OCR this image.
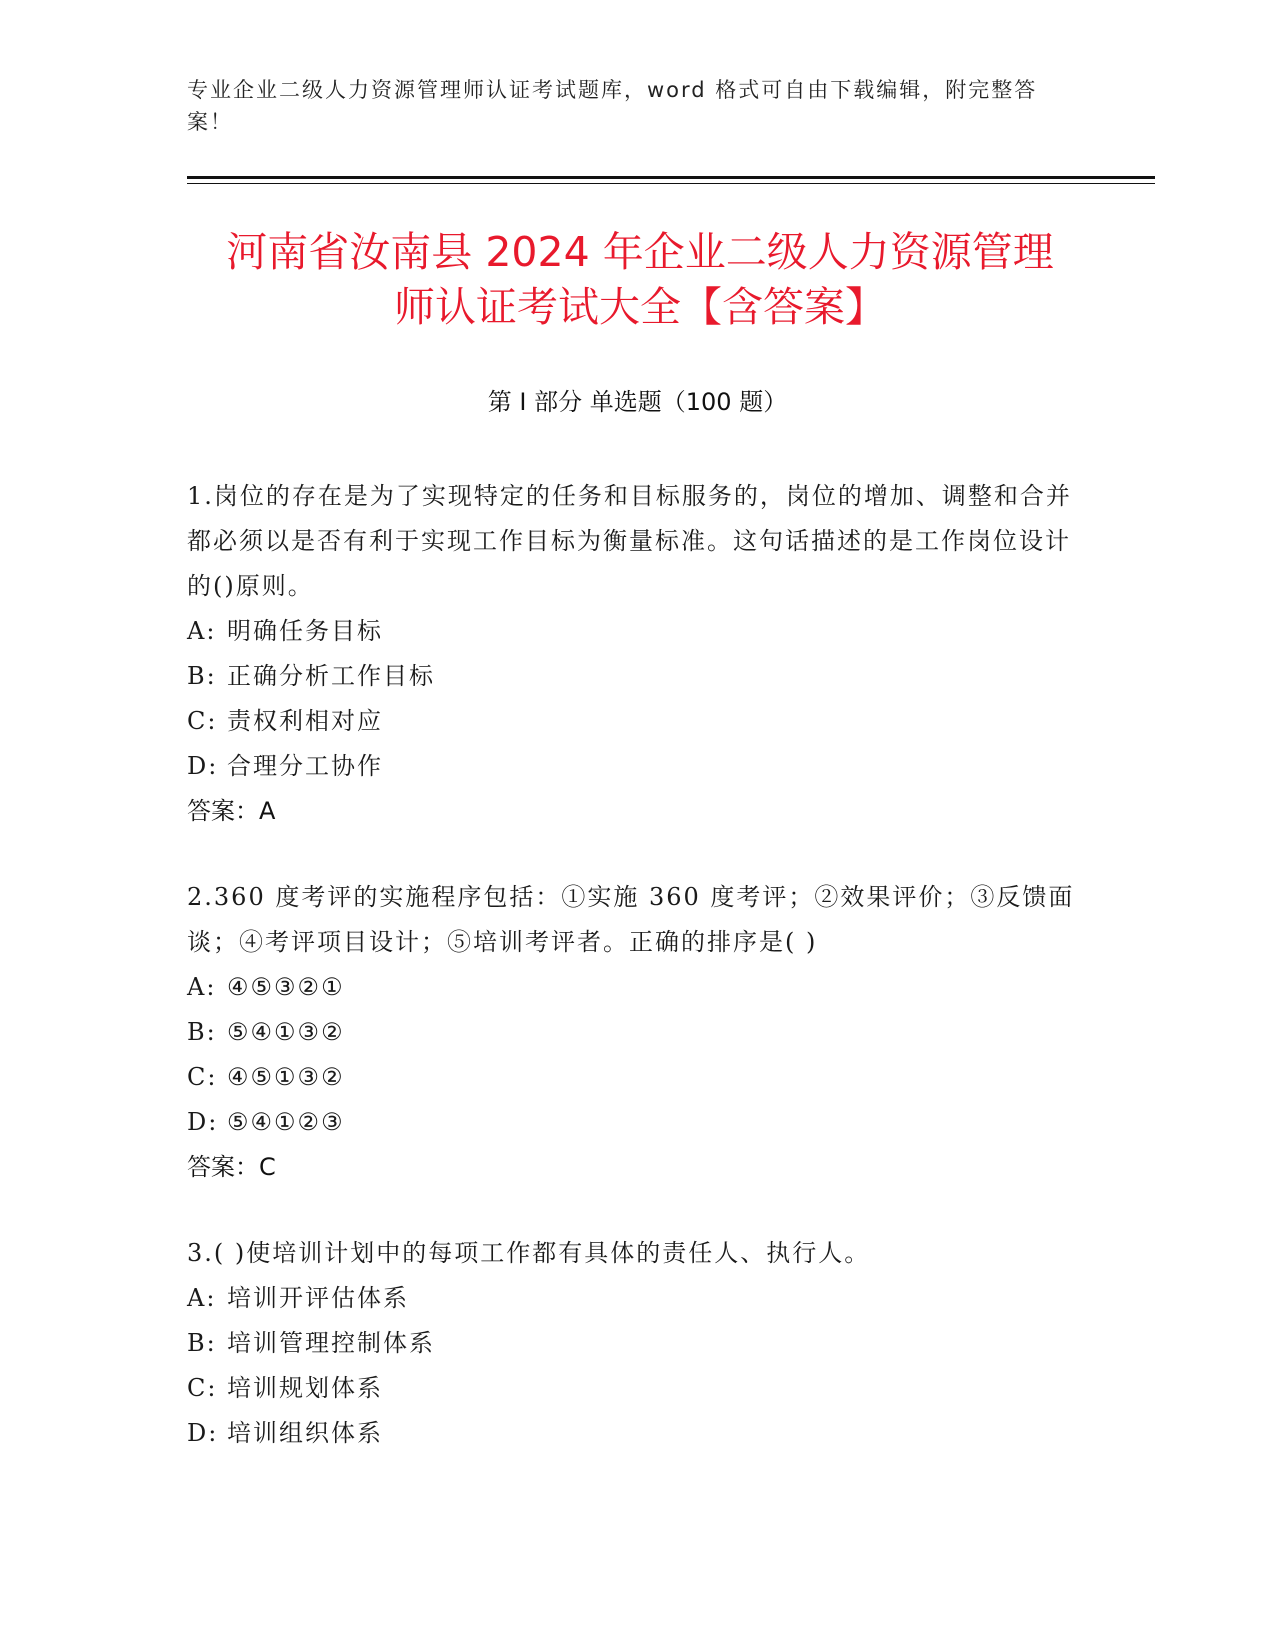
专业企业二级人力资源管理师认证考试题库，word 格式可自由下载编辑，附完整答案！
河南省汝南县 2024 年企业二级人力资源管理
师认证考试大全【含答案】
第 I 部分 单选题（100 题）
1.岗位的存在是为了实现特定的任务和目标服务的，岗位的增加、调整和合并都必须以是否有利于实现工作目标为衡量标准。这句话描述的是工作岗位设计的()原则。
A: 明确任务目标
B: 正确分析工作目标
C: 责权利相对应
D: 合理分工协作
答案：A
2.360 度考评的实施程序包括：①实施 360 度考评；②效果评价；③反馈面谈；④考评项目设计；⑤培训考评者。正确的排序是( )
A: ④⑤③②①
B: ⑤④①③②
C: ④⑤①③②
D: ⑤④①②③
答案：C
3.( )使培训计划中的每项工作都有具体的责任人、执行人。
A: 培训开评估体系
B: 培训管理控制体系
C: 培训规划体系
D: 培训组织体系
